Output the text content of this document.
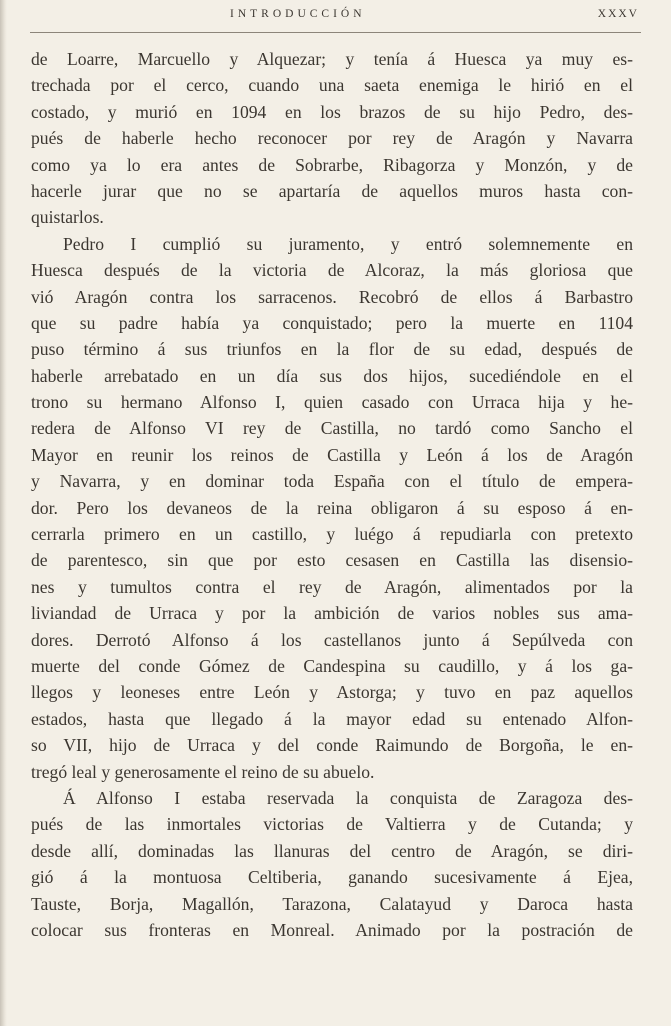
INTRODUCCIÓN	XXXV
de Loarre, Marcuello y Alquezar; y tenía á Huesca ya muy es-
trechada por el cerco, cuando una saeta enemiga le hirió en el
costado, y murió en 1094 en los brazos de su hijo Pedro, des-
pués de haberle hecho reconocer por rey de Aragón y Navarra
como ya lo era antes de Sobrarbe, Ribagorza y Monzón, y de
hacerle jurar que no se apartaría de aquellos muros hasta con-
quistarlos.
Pedro I cumplió su juramento, y entró solemnemente en
Huesca después de la victoria de Alcoraz, la más gloriosa que
vió Aragón contra los sarracenos. Recobró de ellos á Barbastro
que su padre había ya conquistado; pero la muerte en 1104
puso término á sus triunfos en la flor de su edad, después de
haberle arrebatado en un día sus dos hijos, sucediéndole en el
trono su hermano Alfonso I, quien casado con Urraca hija y he-
redera de Alfonso VI rey de Castilla, no tardó como Sancho el
Mayor en reunir los reinos de Castilla y León á los de Aragón
y Navarra, y en dominar toda España con el título de empera-
dor. Pero los devaneos de la reina obligaron á su esposo á en-
cerrarla primero en un castillo, y luégo á repudiarla con pretexto
de parentesco, sin que por esto cesasen en Castilla las disensio-
nes y tumultos contra el rey de Aragón, alimentados por la
liviandad de Urraca y por la ambición de varios nobles sus ama-
dores. Derrotó Alfonso á los castellanos junto á Sepúlveda con
muerte del conde Gómez de Candespina su caudillo, y á los ga-
llegos y leoneses entre León y Astorga; y tuvo en paz aquellos
estados, hasta que llegado á la mayor edad su entenado Alfon-
so VII, hijo de Urraca y del conde Raimundo de Borgoña, le en-
tregó leal y generosamente el reino de su abuelo.
Á Alfonso I estaba reservada la conquista de Zaragoza des-
pués de las inmortales victorias de Valtierra y de Cutanda; y
desde allí, dominadas las llanuras del centro de Aragón, se diri-
gió á la montuosa Celtiberia, ganando sucesivamente á Ejea,
Tauste, Borja, Magallón, Tarazona, Calatayud y Daroca hasta
colocar sus fronteras en Monreal. Animado por la postración de
